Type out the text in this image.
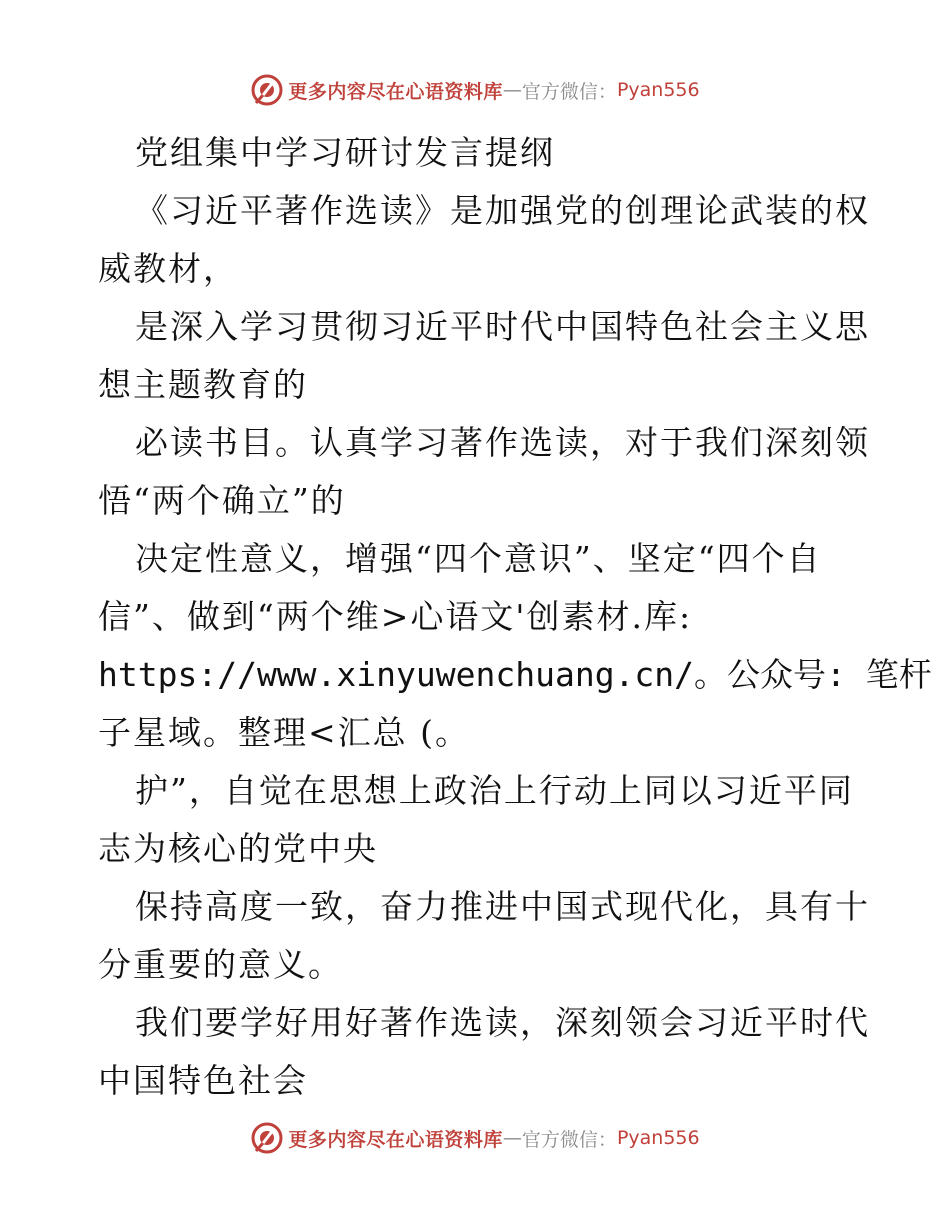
更多内容尽在心语资料库 — 官方微信： Pyan556
党组集中学习研讨发言提纲
《习近平著作选读》是加强党的创理论武装的权
威教材，
是深入学习贯彻习近平时代中国特色社会主义思
想主题教育的
必读书目。认真学习著作选读，对于我们深刻领
悟“两个确立”的
决定性意义，增强“四个意识”、坚定“四个自
信”、做到“两个维>心语文'创素材.库:
https://www.xinyuwenchuang.cn/。公众号: 笔杆
子星域。整理<汇总 (。
护”，自觉在思想上政治上行动上同以习近平同
志为核心的党中央
保持高度一致，奋力推进中国式现代化，具有十
分重要的意义。
我们要学好用好著作选读，深刻领会习近平时代
中国特色社会
更多内容尽在心语资料库 — 官方微信： Pyan556
